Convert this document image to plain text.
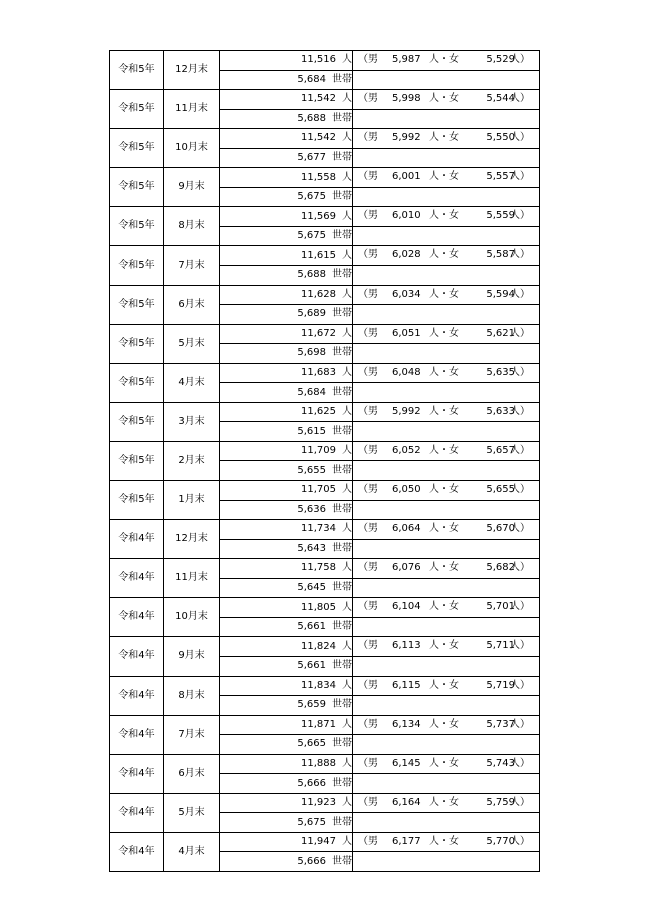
令和5年	12月末	11,516 人	（男 5,987 人・女 5,529
人）

		5,684 世帯	
令和5年	11月末	11,542 人	（男 5,998 人・女 5,544
人）

		5,688 世帯	
令和5年	10月末	11,542 人	（男 5,992 人・女 5,550
人）

		5,677 世帯	
令和5年	9月末	11,558 人	（男 6,001 人・女 5,557
人）

		5,675 世帯	
令和5年	8月末	11,569 人	（男 6,010 人・女 5,559
人）

		5,675 世帯	
令和5年	7月末	11,615 人	（男 6,028 人・女 5,587
人）

		5,688 世帯	
令和5年	6月末	11,628 人	（男 6,034 人・女 5,594
人）

		5,689 世帯	
令和5年	5月末	11,672 人	（男 6,051 人・女 5,621
人）

		5,698 世帯	
令和5年	4月末	11,683 人	（男 6,048 人・女 5,635
人）

		5,684 世帯	
令和5年	3月末	11,625 人	（男 5,992 人・女 5,633
人）

		5,615 世帯	
令和5年	2月末	11,709 人	（男 6,052 人・女 5,657
人）

		5,655 世帯	
令和5年	1月末	11,705 人	（男 6,050 人・女 5,655
人）

		5,636 世帯	
令和4年	12月末	11,734 人	（男 6,064 人・女 5,670
人）

		5,643 世帯	
令和4年	11月末	11,758 人	（男 6,076 人・女 5,682
人）

		5,645 世帯	
令和4年	10月末	11,805 人	（男 6,104 人・女 5,701
人）

		5,661 世帯	
令和4年	9月末	11,824 人	（男 6,113 人・女 5,711
人）

		5,661 世帯	
令和4年	8月末	11,834 人	（男 6,115 人・女 5,719
人）

		5,659 世帯	
令和4年	7月末	11,871 人	（男 6,134 人・女 5,737
人）

		5,665 世帯	
令和4年	6月末	11,888 人	（男 6,145 人・女 5,743
人）

		5,666 世帯	
令和4年	5月末	11,923 人	（男 6,164 人・女 5,759
人）

		5,675 世帯	
令和4年	4月末	11,947 人	（男 6,177 人・女 5,770
人）

		5,666 世帯	
